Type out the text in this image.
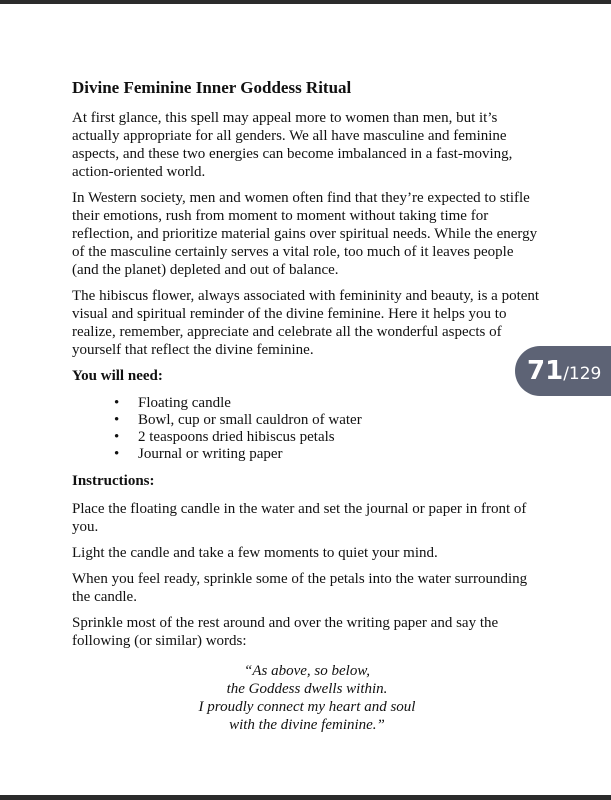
Divine Feminine Inner Goddess Ritual

At first glance, this spell may appeal more to women than men, but it’s actually appropriate for all genders. We all have masculine and feminine aspects, and these two energies can become imbalanced in a fast-moving, action-oriented world.

In Western society, men and women often find that they’re expected to stifle their emotions, rush from moment to moment without taking time for reflection, and prioritize material gains over spiritual needs. While the energy of the masculine certainly serves a vital role, too much of it leaves people (and the planet) depleted and out of balance.

The hibiscus flower, always associated with femininity and beauty, is a potent visual and spiritual reminder of the divine feminine. Here it helps you to realize, remember, appreciate and celebrate all the wonderful aspects of yourself that reflect the divine feminine.

You will need:

• Floating candle
• Bowl, cup or small cauldron of water
• 2 teaspoons dried hibiscus petals
• Journal or writing paper

Instructions:

Place the floating candle in the water and set the journal or paper in front of you.

Light the candle and take a few moments to quiet your mind.

When you feel ready, sprinkle some of the petals into the water surrounding the candle.

Sprinkle most of the rest around and over the writing paper and say the following (or similar) words:

“As above, so below,
the Goddess dwells within.
I proudly connect my heart and soul
with the divine feminine.”
71/129
